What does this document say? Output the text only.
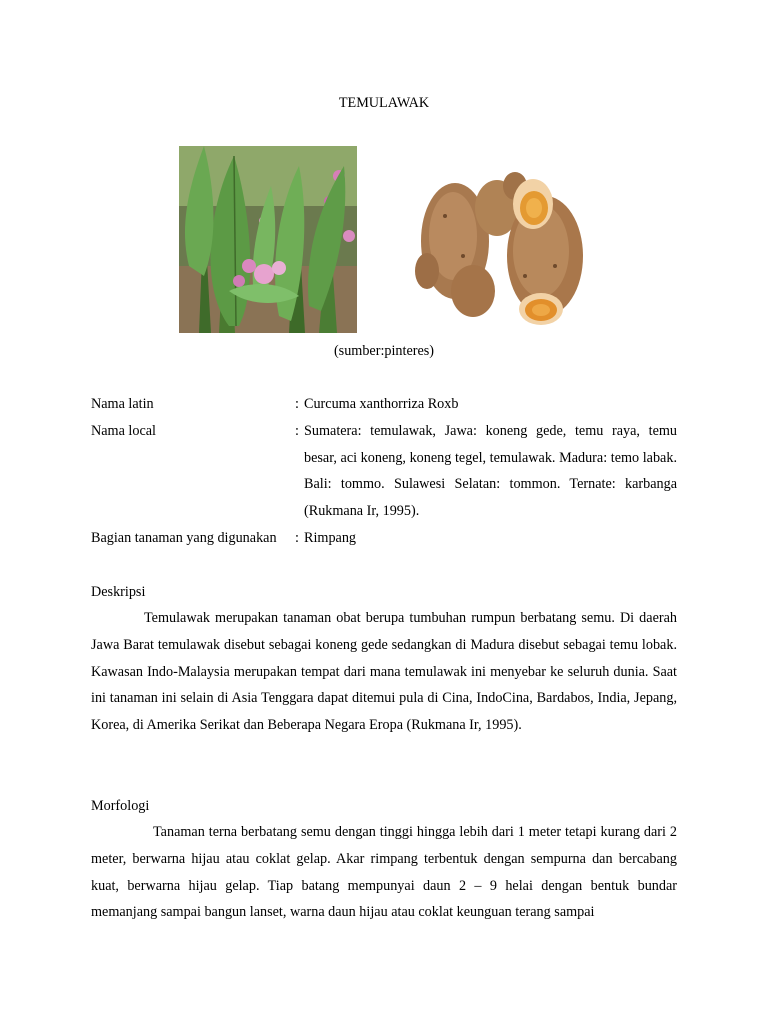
TEMULAWAK
(sumber:pinteres)
Nama latin	: Curcuma xanthorriza Roxb
Nama local	: Sumatera: temulawak, Jawa: koneng gede, temu raya, temu besar, aci koneng, koneng tegel, temulawak. Madura: temo labak. Bali: tommo. Sulawesi Selatan: tommon. Ternate: karbanga (Rukmana Ir, 1995).
Bagian tanaman yang digunakan : Rimpang
Deskripsi
Temulawak merupakan tanaman obat berupa tumbuhan rumpun berbatang semu. Di daerah Jawa Barat temulawak disebut sebagai koneng gede sedangkan di Madura disebut sebagai temu lobak. Kawasan Indo-Malaysia merupakan tempat dari mana temulawak ini menyebar ke seluruh dunia. Saat ini tanaman ini selain di Asia Tenggara dapat ditemui pula di Cina, IndoCina, Bardabos, India, Jepang, Korea, di Amerika Serikat dan Beberapa Negara Eropa (Rukmana Ir, 1995).
Morfologi
Tanaman terna berbatang semu dengan tinggi hingga lebih dari 1 meter tetapi kurang dari 2 meter, berwarna hijau atau coklat gelap. Akar rimpang terbentuk dengan sempurna dan bercabang kuat, berwarna hijau gelap. Tiap batang mempunyai daun 2 – 9 helai dengan bentuk bundar memanjang sampai bangun lanset, warna daun hijau atau coklat keunguan terang sampai
